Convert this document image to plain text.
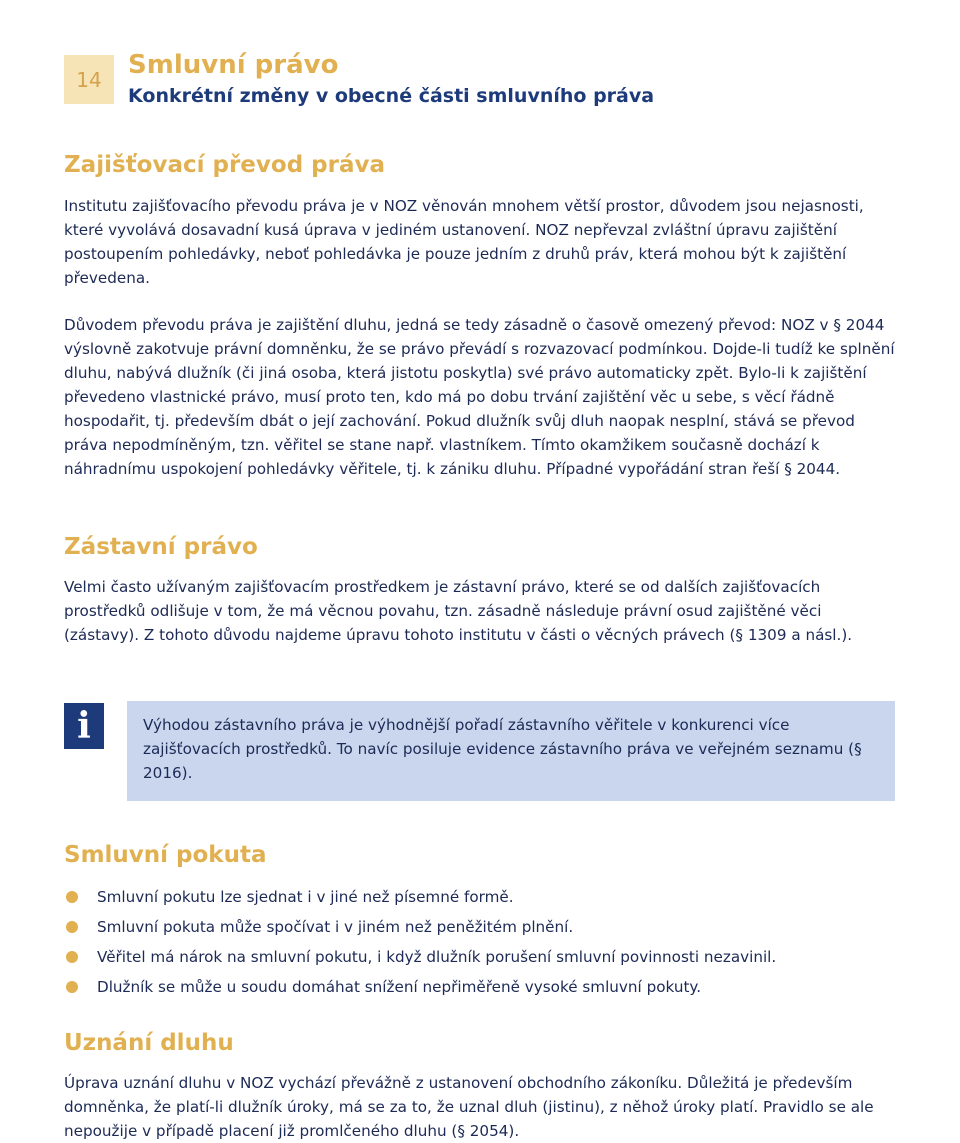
14	Smluvní právo
Konkrétní změny v obecné části smluvního práva
Zajišťovací převod práva
Institutu zajišťovacího převodu práva je v NOZ věnován mnohem větší prostor, důvodem jsou nejasnosti, které vyvolává dosavadní kusá úprava v jediném ustanovení. NOZ nepřevzal zvláštní úpravu zajištění postoupením pohledávky, neboť pohledávka je pouze jedním z druhů práv, která mohou být k zajištění převedena.
Důvodem převodu práva je zajištění dluhu, jedná se tedy zásadně o časově omezený převod: NOZ v § 2044 výslovně zakotvuje právní domněnku, že se právo převádí s rozvazovací podmínkou. Dojde-li tudíž ke splnění dluhu, nabývá dlužník (či jiná osoba, která jistotu poskytla) své právo automaticky zpět. Bylo-li k zajištění převedeno vlastnické právo, musí proto ten, kdo má po dobu trvání zajištění věc u sebe, s věcí řádně hospodařit, tj. především dbát o její zachování. Pokud dlužník svůj dluh naopak nesplní, stává se převod práva nepodmíněným, tzn. věřitel se stane např. vlastníkem. Tímto okamžikem současně dochází k náhradnímu uspokojení pohledávky věřitele, tj. k zániku dluhu. Případné vypořádání stran řeší § 2044.
Zástavní právo
Velmi často užívaným zajišťovacím prostředkem je zástavní právo, které se od dalších zajišťovacích prostředků odlišuje v tom, že má věcnou povahu, tzn. zásadně následuje právní osud zajištěné věci (zástavy). Z tohoto důvodu najdeme úpravu tohoto institutu v části o věcných právech (§ 1309 a násl.).
i	Výhodou zástavního práva je výhodnější pořadí zástavního věřitele v konkurenci více zajišťovacích prostředků. To navíc posiluje evidence zástavního práva ve veřejném seznamu (§ 2016).
Smluvní pokuta
Smluvní pokutu lze sjednat i v jiné než písemné formě.
Smluvní pokuta může spočívat i v jiném než peněžitém plnění.
Věřitel má nárok na smluvní pokutu, i když dlužník porušení smluvní povinnosti nezavinil.
Dlužník se může u soudu domáhat snížení nepřiměřeně vysoké smluvní pokuty.
Uznání dluhu
Úprava uznání dluhu v NOZ vychází převážně z ustanovení obchodního zákoníku. Důležitá je především domněnka, že platí-li dlužník úroky, má se za to, že uznal dluh (jistinu), z něhož úroky platí. Pravidlo se ale nepoužije v případě placení již promlčeného dluhu (§ 2054).
